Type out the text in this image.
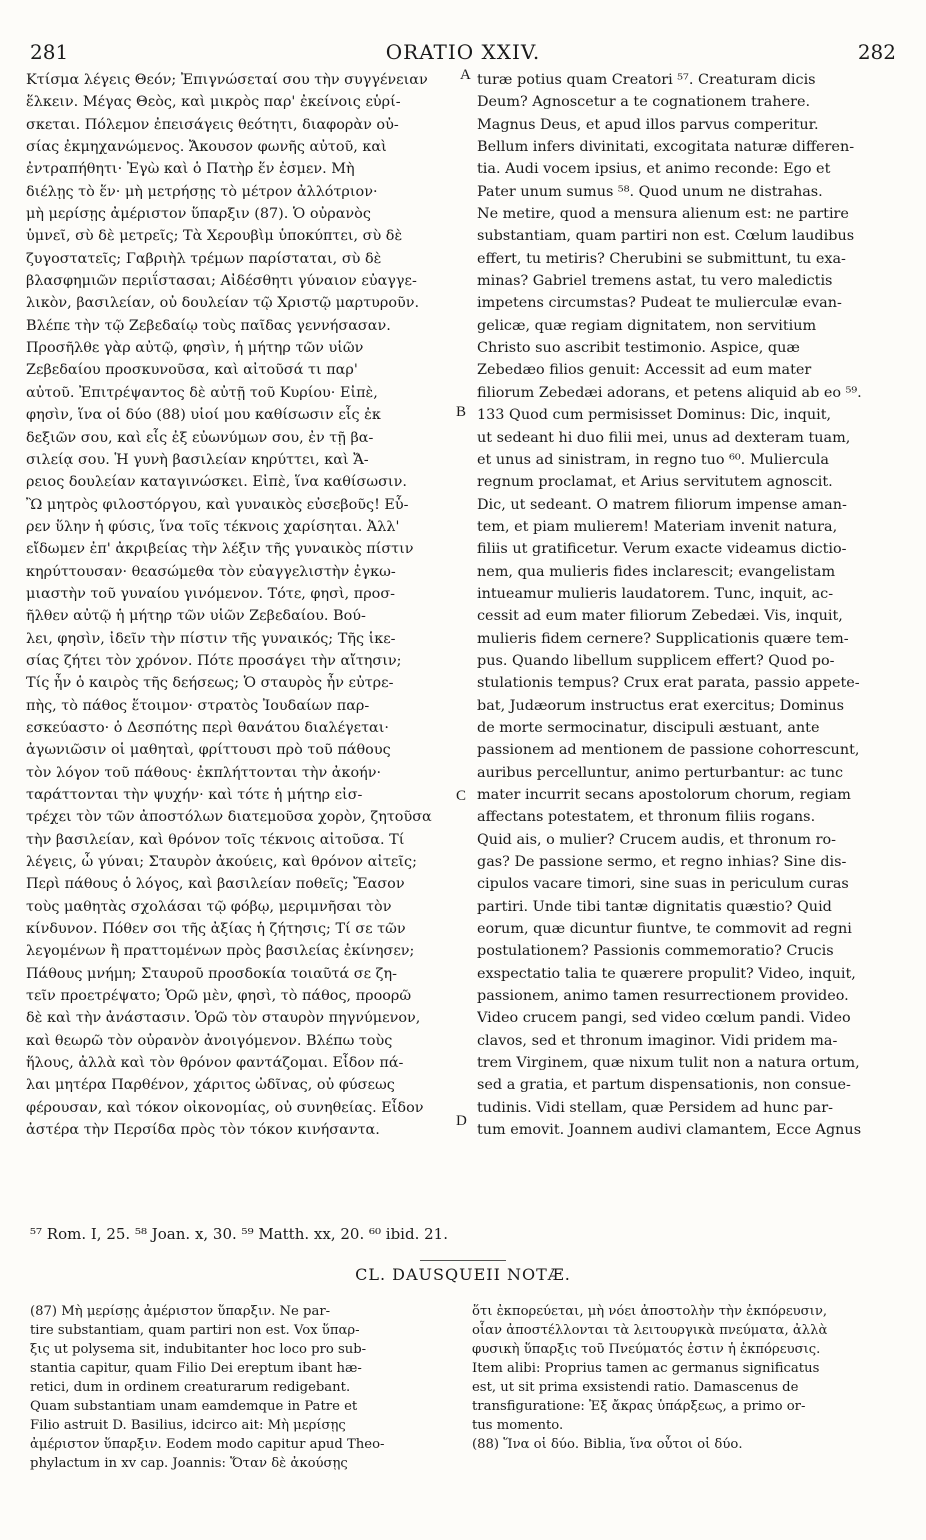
281	ORATIO XXIV.	282
Κτίσμα λέγεις Θεόν; Ἐπιγνώσεταί σου τὴν συγγένειαν
ἕλκειν. Μέγας Θεὸς, καὶ μικρὸς παρ' ἐκείνοις εὑρί-
σκεται. Πόλεμον ἐπεισάγεις θεότητι, διαφορὰν οὐ-
σίας ἐκμηχανώμενος. Ἄκουσον φωνῆς αὐτοῦ, καὶ
ἐντραπήθητι· Ἐγὼ καὶ ὁ Πατὴρ ἕν ἐσμεν. Μὴ
διέλῃς τὸ ἕν· μὴ μετρήσῃς τὸ μέτρον ἀλλότριον·
μὴ μερίσῃς ἀμέριστον ὕπαρξιν (87). Ὁ οὐρανὸς
ὑμνεῖ, σὺ δὲ μετρεῖς; Τὰ Χερουβὶμ ὑποκύπτει, σὺ δὲ
ζυγοστατεῖς; Γαβριὴλ τρέμων παρίσταται, σὺ δὲ
βλασφημιῶν περιΐστασαι; Αἰδέσθητι γύναιον εὐαγγε-
λικὸν, βασιλείαν, οὐ δουλείαν τῷ Χριστῷ μαρτυροῦν.
Βλέπε τὴν τῷ Ζεβεδαίῳ τοὺς παῖδας γεννήσασαν.
Προσῆλθε γὰρ αὐτῷ, φησὶν, ἡ μήτηρ τῶν υἱῶν
Ζεβεδαίου προσκυνοῦσα, καὶ αἰτοῦσά τι παρ'
αὐτοῦ. Ἐπιτρέψαντος δὲ αὐτῇ τοῦ Κυρίου· Εἰπὲ,
φησὶν, ἵνα οἱ δύο (88) υἱοί μου καθίσωσιν εἷς ἐκ
δεξιῶν σου, καὶ εἷς ἐξ εὐωνύμων σου, ἐν τῇ βα-
σιλείᾳ σου. Ἡ γυνὴ βασιλείαν κηρύττει, καὶ Ἄ-
ρειος δουλείαν καταγινώσκει. Εἰπὲ, ἵνα καθίσωσιν.
Ὢ μητρὸς φιλοστόργου, καὶ γυναικὸς εὐσεβοῦς! Εὗ-
ρεν ὕλην ἡ φύσις, ἵνα τοῖς τέκνοις χαρίσηται. Ἀλλ'
εἴδωμεν ἐπ' ἀκριβείας τὴν λέξιν τῆς γυναικὸς πίστιν
κηρύττουσαν· θεασώμεθα τὸν εὐαγγελιστὴν ἐγκω-
μιαστὴν τοῦ γυναίου γινόμενον. Τότε, φησὶ, προσ-
ῆλθεν αὐτῷ ἡ μήτηρ τῶν υἱῶν Ζεβεδαίου. Βού-
λει, φησὶν, ἰδεῖν τὴν πίστιν τῆς γυναικός; Τῆς ἱκε-
σίας ζήτει τὸν χρόνον. Πότε προσάγει τὴν αἴτησιν;
Τίς ἦν ὁ καιρὸς τῆς δεήσεως; Ὁ σταυρὸς ἦν εὐτρε-
πὴς, τὸ πάθος ἕτοιμον· στρατὸς Ἰουδαίων παρ-
εσκεύαστο· ὁ Δεσπότης περὶ θανάτου διαλέγεται·
ἀγωνιῶσιν οἱ μαθηταὶ, φρίττουσι πρὸ τοῦ πάθους
τὸν λόγον τοῦ πάθους· ἐκπλήττονται τὴν ἀκοήν·
ταράττονται τὴν ψυχήν· καὶ τότε ἡ μήτηρ εἰσ-
τρέχει τὸν τῶν ἀποστόλων διατεμοῦσα χορὸν, ζητοῦσα
τὴν βασιλείαν, καὶ θρόνον τοῖς τέκνοις αἰτοῦσα. Τί
λέγεις, ὦ γύναι; Σταυρὸν ἀκούεις, καὶ θρόνον αἰτεῖς;
Περὶ πάθους ὁ λόγος, καὶ βασιλείαν ποθεῖς; Ἔασον
τοὺς μαθητὰς σχολάσαι τῷ φόβῳ, μεριμνῆσαι τὸν
κίνδυνον. Πόθεν σοι τῆς ἀξίας ἡ ζήτησις; Τί σε τῶν
λεγομένων ἢ πραττομένων πρὸς βασιλείας ἐκίνησεν;
Πάθους μνήμη; Σταυροῦ προσδοκία τοιαῦτά σε ζη-
τεῖν προετρέψατο; Ὁρῶ μὲν, φησὶ, τὸ πάθος, προορῶ
δὲ καὶ τὴν ἀνάστασιν. Ὁρῶ τὸν σταυρὸν πηγνύμενον,
καὶ θεωρῶ τὸν οὐρανὸν ἀνοιγόμενον. Βλέπω τοὺς
ἥλους, ἀλλὰ καὶ τὸν θρόνον φαντάζομαι. Εἶδον πά-
λαι μητέρα Παρθένον, χάριτος ὠδῖνας, οὐ φύσεως
φέρουσαν, καὶ τόκον οἰκονομίας, οὐ συνηθείας. Εἶδον
ἀστέρα τὴν Περσίδα πρὸς τὸν τόκον κινήσαντα.
turæ potius quam Creatori ⁵⁷. Creaturam dicis
Deum? Agnoscetur a te cognationem trahere.
Magnus Deus, et apud illos parvus comperitur.
Bellum infers divinitati, excogitata naturæ differen-
tia. Audi vocem ipsius, et animo reconde: Ego et
Pater unum sumus ⁵⁸. Quod unum ne distrahas.
Ne metire, quod a mensura alienum est: ne partire
substantiam, quam partiri non est. Cœlum laudibus
effert, tu metiris? Cherubini se submittunt, tu exa-
minas? Gabriel tremens astat, tu vero maledictis
impetens circumstas? Pudeat te mulierculæ evan-
gelicæ, quæ regiam dignitatem, non servitium
Christo suo ascribit testimonio. Aspice, quæ
Zebedæo filios genuit: Accessit ad eum mater
filiorum Zebedæi adorans, et petens aliquid ab eo ⁵⁹.
133 Quod cum permisisset Dominus: Dic, inquit,
ut sedeant hi duo filii mei, unus ad dexteram tuam,
et unus ad sinistram, in regno tuo ⁶⁰. Muliercula
regnum proclamat, et Arius servitutem agnoscit.
Dic, ut sedeant. O matrem filiorum impense aman-
tem, et piam mulierem! Materiam invenit natura,
filiis ut gratificetur. Verum exacte videamus dictio-
nem, qua mulieris fides inclarescit; evangelistam
intueamur mulieris laudatorem. Tunc, inquit, ac-
cessit ad eum mater filiorum Zebedæi. Vis, inquit,
mulieris fidem cernere? Supplicationis quære tem-
pus. Quando libellum supplicem effert? Quod po-
stulationis tempus? Crux erat parata, passio appete-
bat, Judæorum instructus erat exercitus; Dominus
de morte sermocinatur, discipuli æstuant, ante
passionem ad mentionem de passione cohorrescunt,
auribus percelluntur, animo perturbantur: ac tunc
mater incurrit secans apostolorum chorum, regiam
affectans potestatem, et thronum filiis rogans.
Quid ais, o mulier? Crucem audis, et thronum ro-
gas? De passione sermo, et regno inhias? Sine dis-
cipulos vacare timori, sine suas in periculum curas
partiri. Unde tibi tantæ dignitatis quæstio? Quid
eorum, quæ dicuntur fiuntve, te commovit ad regni
postulationem? Passionis commemoratio? Crucis
exspectatio talia te quærere propulit? Video, inquit,
passionem, animo tamen resurrectionem provideo.
Video crucem pangi, sed video cœlum pandi. Video
clavos, sed et thronum imaginor. Vidi pridem ma-
trem Virginem, quæ nixum tulit non a natura ortum,
sed a gratia, et partum dispensationis, non consue-
tudinis. Vidi stellam, quæ Persidem ad hunc par-
tum emovit. Joannem audivi clamantem, Ecce Agnus
A
B
C
D
⁵⁷ Rom. I, 25. ⁵⁸ Joan. x, 30. ⁵⁹ Matth. xx, 20. ⁶⁰ ibid. 21.
CL. DAUSQUEII NOTÆ.
(87) Μὴ μερίσῃς ἀμέριστον ὕπαρξιν. Ne par-
tire substantiam, quam partiri non est. Vox ὕπαρ-
ξις ut polysema sit, indubitanter hoc loco pro sub-
stantia capitur, quam Filio Dei ereptum ibant hæ-
retici, dum in ordinem creaturarum redigebant.
Quam substantiam unam eamdemque in Patre et
Filio astruit D. Basilius, idcirco ait: Μὴ μερίσῃς
ἀμέριστον ὕπαρξιν. Eodem modo capitur apud Theo-
phylactum in xv cap. Joannis: Ὅταν δὲ ἀκούσῃς
ὅτι ἐκπορεύεται, μὴ νόει ἀποστολὴν τὴν ἐκπόρευσιν,
οἷαν ἀποστέλλονται τὰ λειτουργικὰ πνεύματα, ἀλλὰ
φυσικὴ ὕπαρξις τοῦ Πνεύματός ἐστιν ἡ ἐκπόρευσις.
Item alibi: Proprius tamen ac germanus significatus
est, ut sit prima exsistendi ratio. Damascenus de
transfiguratione: Ἐξ ἄκρας ὑπάρξεως, a primo or-
tus momento.
(88) Ἵνα οἱ δύο. Biblia, ἵνα οὗτοι οἱ δύο.
